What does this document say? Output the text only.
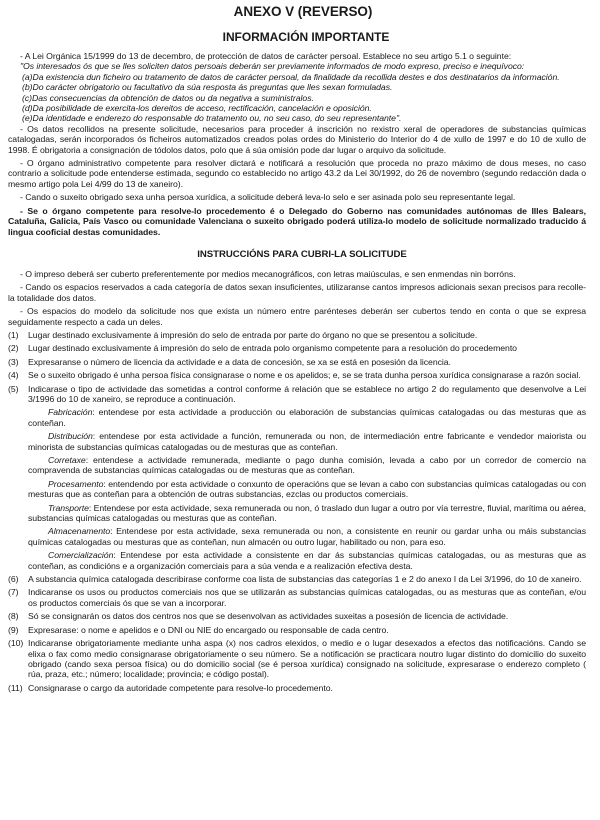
ANEXO V (REVERSO)
INFORMACIÓN IMPORTANTE

- A Lei Orgánica 15/1999 do 13 de decembro, de protección de datos de carácter persoal. Establece no seu artigo 5.1 o seguinte:

"Os interesados ós que se lles soliciten datos persoais deberán ser previamente informados de modo expreso, preciso e inequívoco:

(a) Da existencia dun ficheiro ou tratamento de datos de carácter persoal, da finalidade da recollida destes e dos destinatarios da información.
(b) Do carácter obrigatorio ou facultativo da súa resposta ás preguntas que lles sexan formuladas.
(c) Das consecuencias da obtención de datos ou da negativa a suministralos.
(d) Da posibilidade de exercita-los dereitos de acceso, rectificación, cancelación e oposición.
(e) Da identidade e enderezo do responsable do tratamento ou, no seu caso, do seu representante".

- Os datos recollidos na presente solicitude, necesarios para proceder á inscrición no rexistro xeral de operadores de substancias químicas catalogadas, serán incorporados ós ficheiros automatizados creados polas ordes do Ministerio do Interior do 4 de xullo de 1997 e do 10 de xullo de 1998. É obrigatoria a consignación de tódolos datos, polo que á súa omisión pode dar lugar o arquivo da solicitude.

- O órgano administrativo competente para resolver dictará e notificará a resolución que proceda no prazo máximo de dous meses, no caso contrario a solicitude pode entenderse estimada, segundo co establecido no artigo 43.2 da Lei 30/1992, do 26 de novembro (segundo redacción dada o mesmo artigo pola Lei 4/99 do 13 de xaneiro).

- Cando o suxeito obrigado sexa unha persoa xurídica, a solicitude deberá leva-lo selo e ser asinada polo seu representante legal.

- Se o órgano competente para resolve-lo procedemento é o Delegado do Goberno nas comunidades autónomas de Illes Balears, Cataluña, Galicia, País Vasco ou comunidade Valenciana o suxeito obrigado poderá utiliza-lo modelo de solicitude normalizado traducido á lingua cooficial destas comunidades.

INSTRUCCIÓNS PARA CUBRI-LA SOLICITUDE

- O impreso deberá ser cuberto preferentemente por medios mecanográficos, con letras maiúsculas, e sen enmendas nin borróns.

- Cando os espacios reservados a cada categoría de datos sexan insuficientes, utilizaranse cantos impresos adicionais sexan precisos para recolle-la totalidade dos datos.

- Os espacios do modelo da solicitude nos que exista un número entre parénteses deberán ser cubertos tendo en conta o que se expresa seguidamente respecto a cada un deles.

(1)	Lugar destinado exclusivamente á impresión do selo de entrada por parte do órgano no que se presentou a solicitude.
(2)	Lugar destinado exclusivamente á impresión do selo de entrada polo organismo competente para a resolución do procedemento
(3)	Expresaranse o número de licencia da actividade e a data de concesión, se xa se está en posesión da licencia.
(4)	Se o suxeito obrigado é unha persoa física consignarase o nome e os apelidos; e, se se trata dunha persoa xurídica consignarase a razón social.
(5)	Indicarase o tipo de actividade das sometidas a control conforme á relación que se establece no artigo 2 do regulamento que desenvolve a Lei 3/1996 do 10 de xaneiro, se reproduce a continuación.

Fabricación: entendese por esta actividade a producción ou elaboración de substancias químicas catalogadas ou das mesturas que as conteñan.

Distribución: entendese por esta actividade a función, remunerada ou non, de intermediación entre fabricante e vendedor maiorista ou minorista de substancias químicas catalogadas ou de mesturas que as conteñan.

Corretaxe: entendese a actividade remunerada, mediante o pago dunha comisión, levada a cabo por un corredor de comercio na compravenda de substancias químicas catalogadas ou de mesturas que as conteñan.

Procesamento: entendendo por esta actividade o conxunto de operacións que se levan a cabo con substancias químicas catalogadas ou con mesturas que as conteñan para a obtención de outras substancias, ezclas ou productos comerciais.

Transporte: Entendese por esta actividade, sexa remunerada ou non, ó traslado dun lugar a outro por vía terrestre, fluvial, marítima ou aérea, substancias químicas catalogadas ou mesturas que as conteñan.

Almacenamento: Entendese por esta actividade, sexa remunerada ou non, a consistente en reunir ou gardar unha ou máis substancias químicas catalogadas ou mesturas que as conteñan, nun almacén ou outro lugar, habilitado ou non, para eso.

Comercialización: Entendese por esta actividade a consistente en dar ás substancias químicas catalogadas, ou as mesturas que as conteñan, as condicións e a organización comerciais para a súa venda e a realización efectiva desta.

(6)	A substancia química catalogada describirase conforme coa lista de substancias das categorías 1 e 2 do anexo I da Lei 3/1996, do 10 de xaneiro.
(7)	Indicaranse os usos ou productos comerciais nos que se utilizarán as substancias químicas catalogadas, ou as mesturas que as conteñan, e/ou os productos comerciais ós que se van a incorporar.
(8)	Só se consignarán os datos dos centros nos que se desenvolvan as actividades suxeitas a posesión de licencia de actividade.
(9)	Expresarase: o nome e apelidos e o DNI ou NIE do encargado ou responsable de cada centro.
(10) Indicaranse obrigatoriamente mediante unha aspa (x) nos cadros elexidos, o medio e o lugar desexados a efectos das notificacións. Cando se elixa o fax como medio consignarase obrigatoriamente o seu número. Se a notificación se practicara noutro lugar distinto do domicilio do suxeito obrigado (cando sexa persoa física) ou do domicilio social (se é persoa xurídica) consignado na solicitude, expresarase o enderezo completo ( rúa, praza, etc.; número; localidade; provincia; e código postal).
(11) Consignarase o cargo da autoridade competente para resolve-lo procedemento.
